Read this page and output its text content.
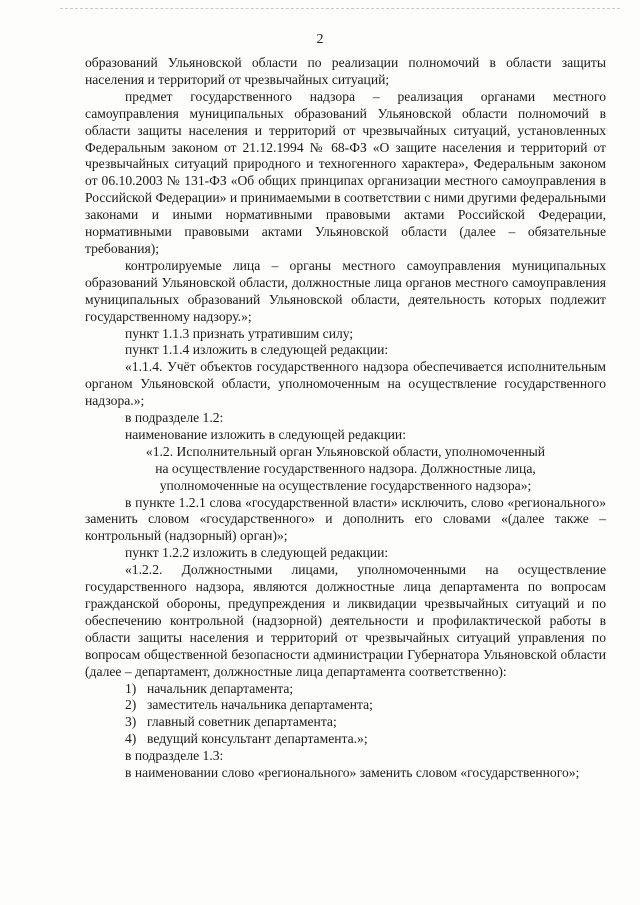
2

образований Ульяновской области по реализации полномочий в области защиты населения и территорий от чрезвычайных ситуаций;

предмет государственного надзора – реализация органами местного самоуправления муниципальных образований Ульяновской области полномочий в области защиты населения и территорий от чрезвычайных ситуаций, установленных Федеральным законом от 21.12.1994 № 68-ФЗ «О защите населения и территорий от чрезвычайных ситуаций природного и техногенного характера», Федеральным законом от 06.10.2003 № 131-ФЗ «Об общих принципах организации местного самоуправления в Российской Федерации» и принимаемыми в соответствии с ними другими федеральными законами и иными нормативными правовыми актами Российской Федерации, нормативными правовыми актами Ульяновской области (далее – обязательные требования);

контролируемые лица – органы местного самоуправления муниципальных образований Ульяновской области, должностные лица органов местного самоуправления муниципальных образований Ульяновской области, деятельность которых подлежит государственному надзору.»;

пункт 1.1.3 признать утратившим силу;

пункт 1.1.4 изложить в следующей редакции:

«1.1.4. Учёт объектов государственного надзора обеспечивается исполнительным органом Ульяновской области, уполномоченным на осуществление государственного надзора.»;

в подразделе 1.2:

наименование изложить в следующей редакции:

«1.2. Исполнительный орган Ульяновской области, уполномоченный

на осуществление государственного надзора. Должностные лица,

уполномоченные на осуществление государственного надзора»;

в пункте 1.2.1 слова «государственной власти» исключить, слово «регионального» заменить словом «государственного» и дополнить его словами «(далее также – контрольный (надзорный) орган)»;

пункт 1.2.2 изложить в следующей редакции:

«1.2.2. Должностными лицами, уполномоченными на осуществление государственного надзора, являются должностные лица департамента по вопросам гражданской обороны, предупреждения и ликвидации чрезвычайных ситуаций и по обеспечению контрольной (надзорной) деятельности и профилактической работы в области защиты населения и территорий от чрезвычайных ситуаций управления по вопросам общественной безопасности администрации Губернатора Ульяновской области (далее – департамент, должностные лица департамента соответственно):

1) начальник департамента;

2) заместитель начальника департамента;

3) главный советник департамента;

4) ведущий консультант департамента.»;

в подразделе 1.3:

в наименовании слово «регионального» заменить словом «государственного»;
